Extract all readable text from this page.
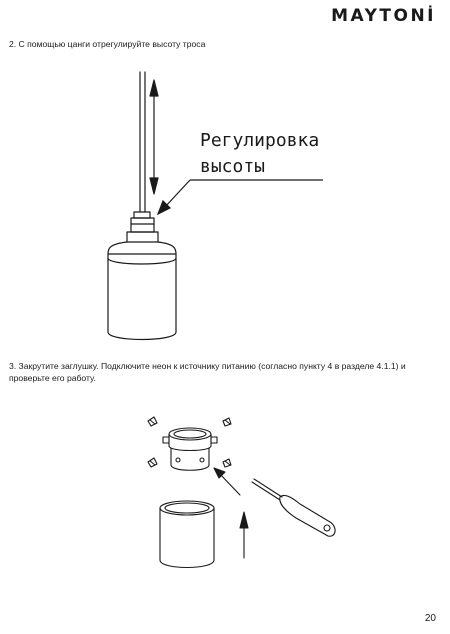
MAYTONİ
2. С помощью цанги отрегулируйте высоту троса
Регулировка
высоты
3. Закрутите заглушку. Подключите неон к источнику питанию (согласно пункту 4 в разделе 4.1.1) и проверьте его работу.
20
